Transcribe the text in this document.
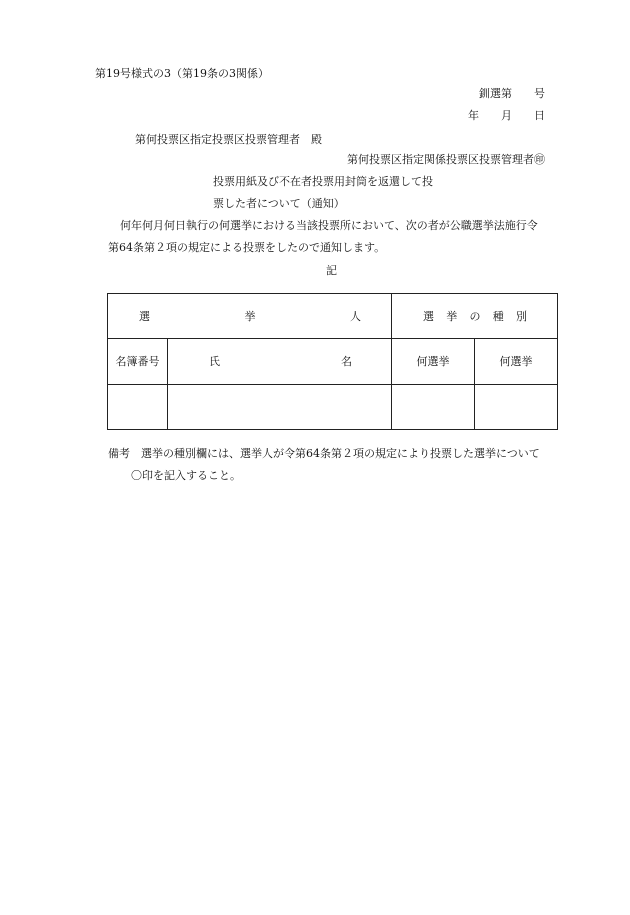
第19号様式の3（第19条の3関係）
釧選第　　号
年　　月　　日
第何投票区指定投票区投票管理者　殿
第何投票区指定関係投票区投票管理者㊞
投票用紙及び不在者投票用封筒を返還して投
票した者について（通知）
何年何月何日執行の何選挙における当該投票所において、次の者が公職選挙法施行令
第64条第２項の規定による投票をしたので通知します。
記
選 挙 人		選 挙 の 種 別	

名簿番号	氏 名	何選挙	何選挙

備考　選挙の種別欄には、選挙人が令第64条第２項の規定により投票した選挙について
〇印を記入すること。
